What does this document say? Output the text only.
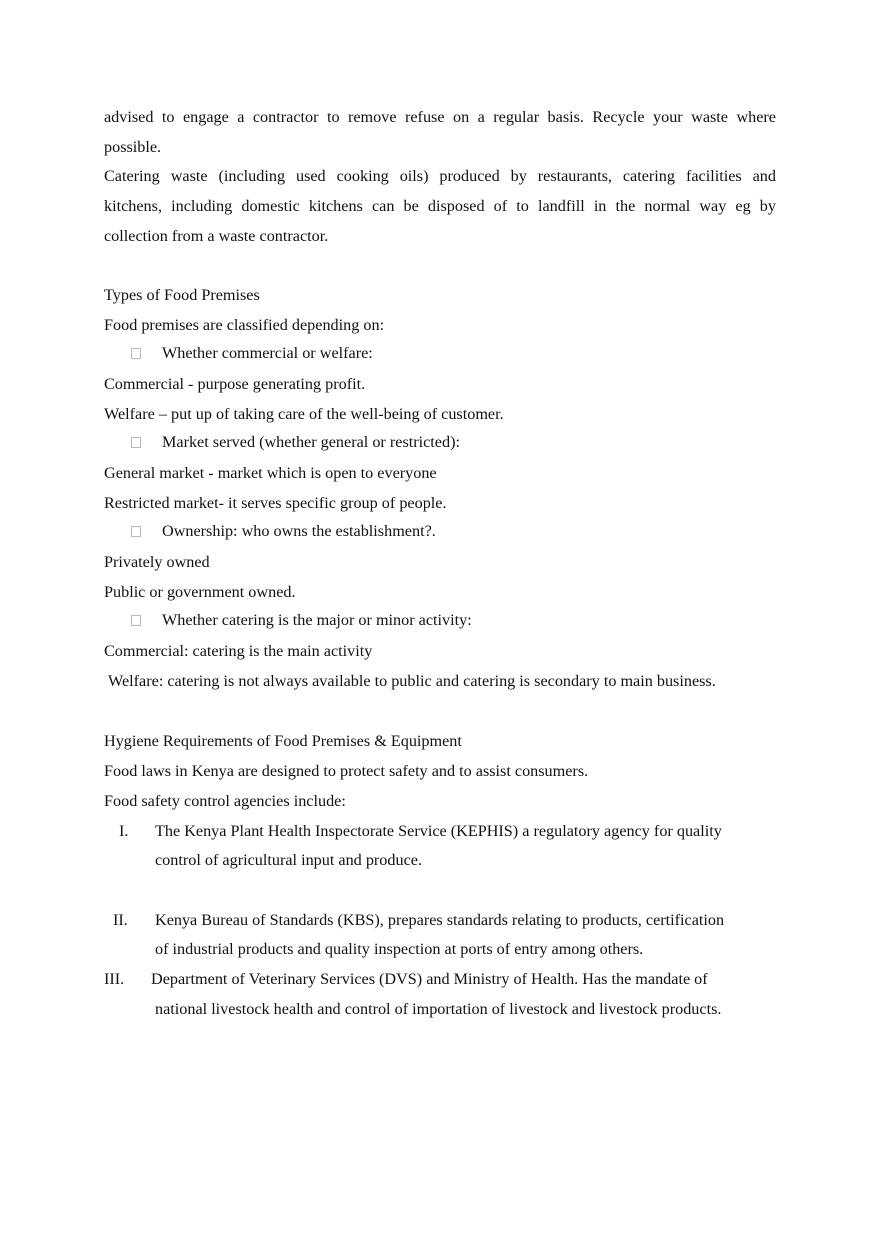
advised to engage a contractor to remove refuse on a regular basis. Recycle your waste where
possible.
Catering waste (including used cooking oils) produced by restaurants, catering facilities and
kitchens, including domestic kitchens can be disposed of to landfill in the normal way eg by
collection from a waste contractor.
Types of Food Premises
Food premises are classified depending on:
Whether commercial or welfare:
Commercial - purpose generating profit.
Welfare – put up of taking care of the well-being of customer.
Market served (whether general or restricted):
General market - market which is open to everyone
Restricted market- it serves specific group of people.
Ownership: who owns the establishment?.
Privately owned
Public or government owned.
Whether catering is the major or minor activity:
Commercial: catering is the main activity
Welfare: catering is not always available to public and catering is secondary to main business.
Hygiene Requirements of Food Premises & Equipment
Food laws in Kenya are designed to protect safety and to assist consumers.
Food safety control agencies include:
I. The Kenya Plant Health Inspectorate Service (KEPHIS) a regulatory agency for quality
control of agricultural input and produce.
II. Kenya Bureau of Standards (KBS), prepares standards relating to products, certification
of industrial products and quality inspection at ports of entry among others.
III. Department of Veterinary Services (DVS) and Ministry of Health. Has the mandate of
national livestock health and control of importation of livestock and livestock products.
